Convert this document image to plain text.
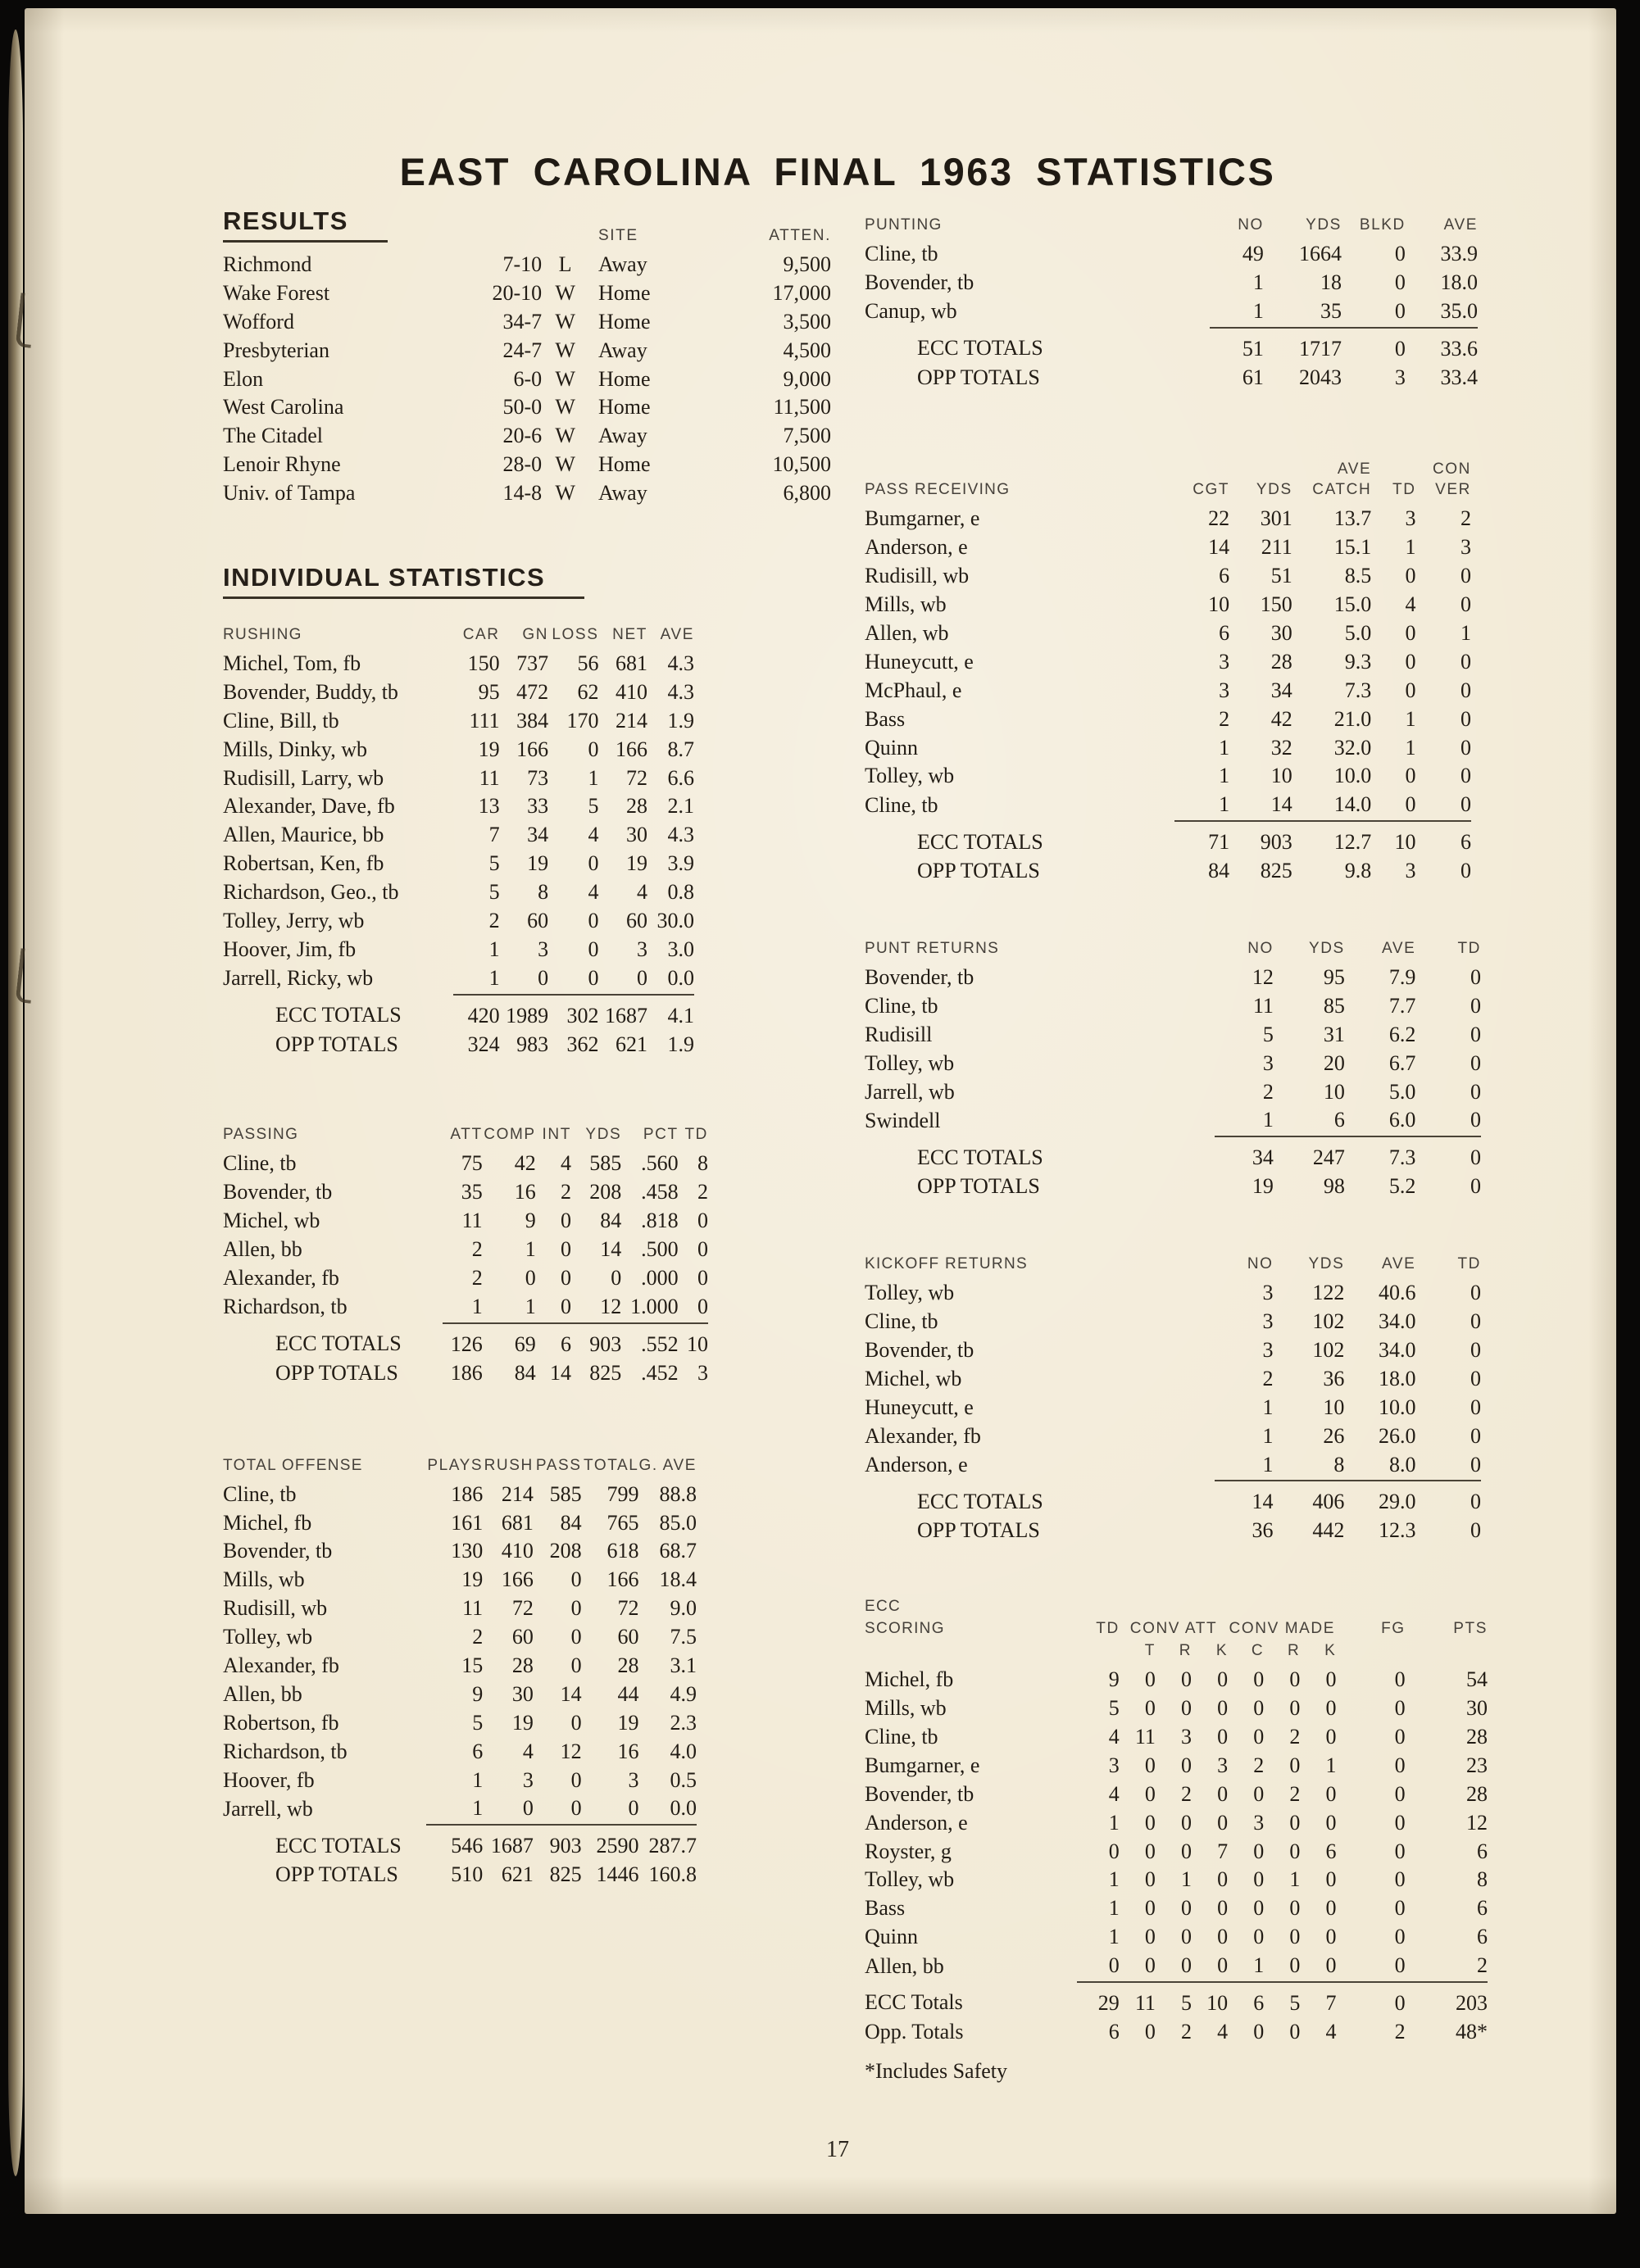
EAST CAROLINA FINAL 1963 STATISTICS
RESULTS
			SITE	ATTEN.
Richmond	7-10	L	Away	9,500
Wake Forest	20-10	W	Home	17,000
Wofford	34-7	W	Home	3,500
Presbyterian	24-7	W	Away	4,500
Elon	6-0	W	Home	9,000
West Carolina	50-0	W	Home	11,500
The Citadel	20-6	W	Away	7,500
Lenoir Rhyne	28-0	W	Home	10,500
Univ. of Tampa	14-8	W	Away	6,800
INDIVIDUAL STATISTICS
RUSHING	CAR	GN	LOSS	NET	AVE
Michel, Tom, fb	150	737	56	681	4.3
Bovender, Buddy, tb	95	472	62	410	4.3
Cline, Bill, tb	111	384	170	214	1.9
Mills, Dinky, wb	19	166	0	166	8.7
Rudisill, Larry, wb	11	73	1	72	6.6
Alexander, Dave, fb	13	33	5	28	2.1
Allen, Maurice, bb	7	34	4	30	4.3
Robertsan, Ken, fb	5	19	0	19	3.9
Richardson, Geo., tb	5	8	4	4	0.8
Tolley, Jerry, wb	2	60	0	60	30.0
Hoover, Jim, fb	1	3	0	3	3.0
Jarrell, Ricky, wb	1	0	0	0	0.0
ECC TOTALS	420	1989	302	1687	4.1
OPP TOTALS	324	983	362	621	1.9
PASSING	ATT	COMP	INT	YDS	PCT	TD
Cline, tb	75	42	4	585	.560	8
Bovender, tb	35	16	2	208	.458	2
Michel, wb	11	9	0	84	.818	0
Allen, bb	2	1	0	14	.500	0
Alexander, fb	2	0	0	0	.000	0
Richardson, tb	1	1	0	12	1.000	0
ECC TOTALS	126	69	6	903	.552	10
OPP TOTALS	186	84	14	825	.452	3
TOTAL OFFENSE	PLAYS	RUSH	PASS	TOTAL	G. AVE
Cline, tb	186	214	585	799	88.8
Michel, fb	161	681	84	765	85.0
Bovender, tb	130	410	208	618	68.7
Mills, wb	19	166	0	166	18.4
Rudisill, wb	11	72	0	72	9.0
Tolley, wb	2	60	0	60	7.5
Alexander, fb	15	28	0	28	3.1
Allen, bb	9	30	14	44	4.9
Robertson, fb	5	19	0	19	2.3
Richardson, tb	6	4	12	16	4.0
Hoover, fb	1	3	0	3	0.5
Jarrell, wb	1	0	0	0	0.0
ECC TOTALS	546	1687	903	2590	287.7
OPP TOTALS	510	621	825	1446	160.8
PUNTING	NO	YDS	BLKD	AVE
Cline, tb	49	1664	0	33.9
Bovender, tb	1	18	0	18.0
Canup, wb	1	35	0	35.0
ECC TOTALS	51	1717	0	33.6
OPP TOTALS	61	2043	3	33.4
			AVE		CON
PASS RECEIVING	CGT	YDS	CATCH	TD	VER
Bumgarner, e	22	301	13.7	3	2
Anderson, e	14	211	15.1	1	3
Rudisill, wb	6	51	8.5	0	0
Mills, wb	10	150	15.0	4	0
Allen, wb	6	30	5.0	0	1
Huneycutt, e	3	28	9.3	0	0
McPhaul, e	3	34	7.3	0	0
Bass	2	42	21.0	1	0
Quinn	1	32	32.0	1	0
Tolley, wb	1	10	10.0	0	0
Cline, tb	1	14	14.0	0	0
ECC TOTALS	71	903	12.7	10	6
OPP TOTALS	84	825	9.8	3	0
PUNT RETURNS	NO	YDS	AVE	TD
Bovender, tb	12	95	7.9	0
Cline, tb	11	85	7.7	0
Rudisill	5	31	6.2	0
Tolley, wb	3	20	6.7	0
Jarrell, wb	2	10	5.0	0
Swindell	1	6	6.0	0
ECC TOTALS	34	247	7.3	0
OPP TOTALS	19	98	5.2	0
KICKOFF RETURNS	NO	YDS	AVE	TD
Tolley, wb	3	122	40.6	0
Cline, tb	3	102	34.0	0
Bovender, tb	3	102	34.0	0
Michel, wb	2	36	18.0	0
Huneycutt, e	1	10	10.0	0
Alexander, fb	1	26	26.0	0
Anderson, e	1	8	8.0	0
ECC TOTALS	14	406	29.0	0
OPP TOTALS	36	442	12.3	0
ECC									
SCORING	TD	CONV ATT			CONV MADE			FG	PTS
		T	R	K	C	R	K		
Michel, fb	9	0	0	0	0	0	0	0	54
Mills, wb	5	0	0	0	0	0	0	0	30
Cline, tb	4	11	3	0	0	2	0	0	28
Bumgarner, e	3	0	0	3	2	0	1	0	23
Bovender, tb	4	0	2	0	0	2	0	0	28
Anderson, e	1	0	0	0	3	0	0	0	12
Royster, g	0	0	0	7	0	0	6	0	6
Tolley, wb	1	0	1	0	0	1	0	0	8
Bass	1	0	0	0	0	0	0	0	6
Quinn	1	0	0	0	0	0	0	0	6
Allen, bb	0	0	0	0	1	0	0	0	2
ECC Totals	29	11	5	10	6	5	7	0	203
Opp. Totals	6	0	2	4	0	0	4	2	48*
*Includes Safety
17
